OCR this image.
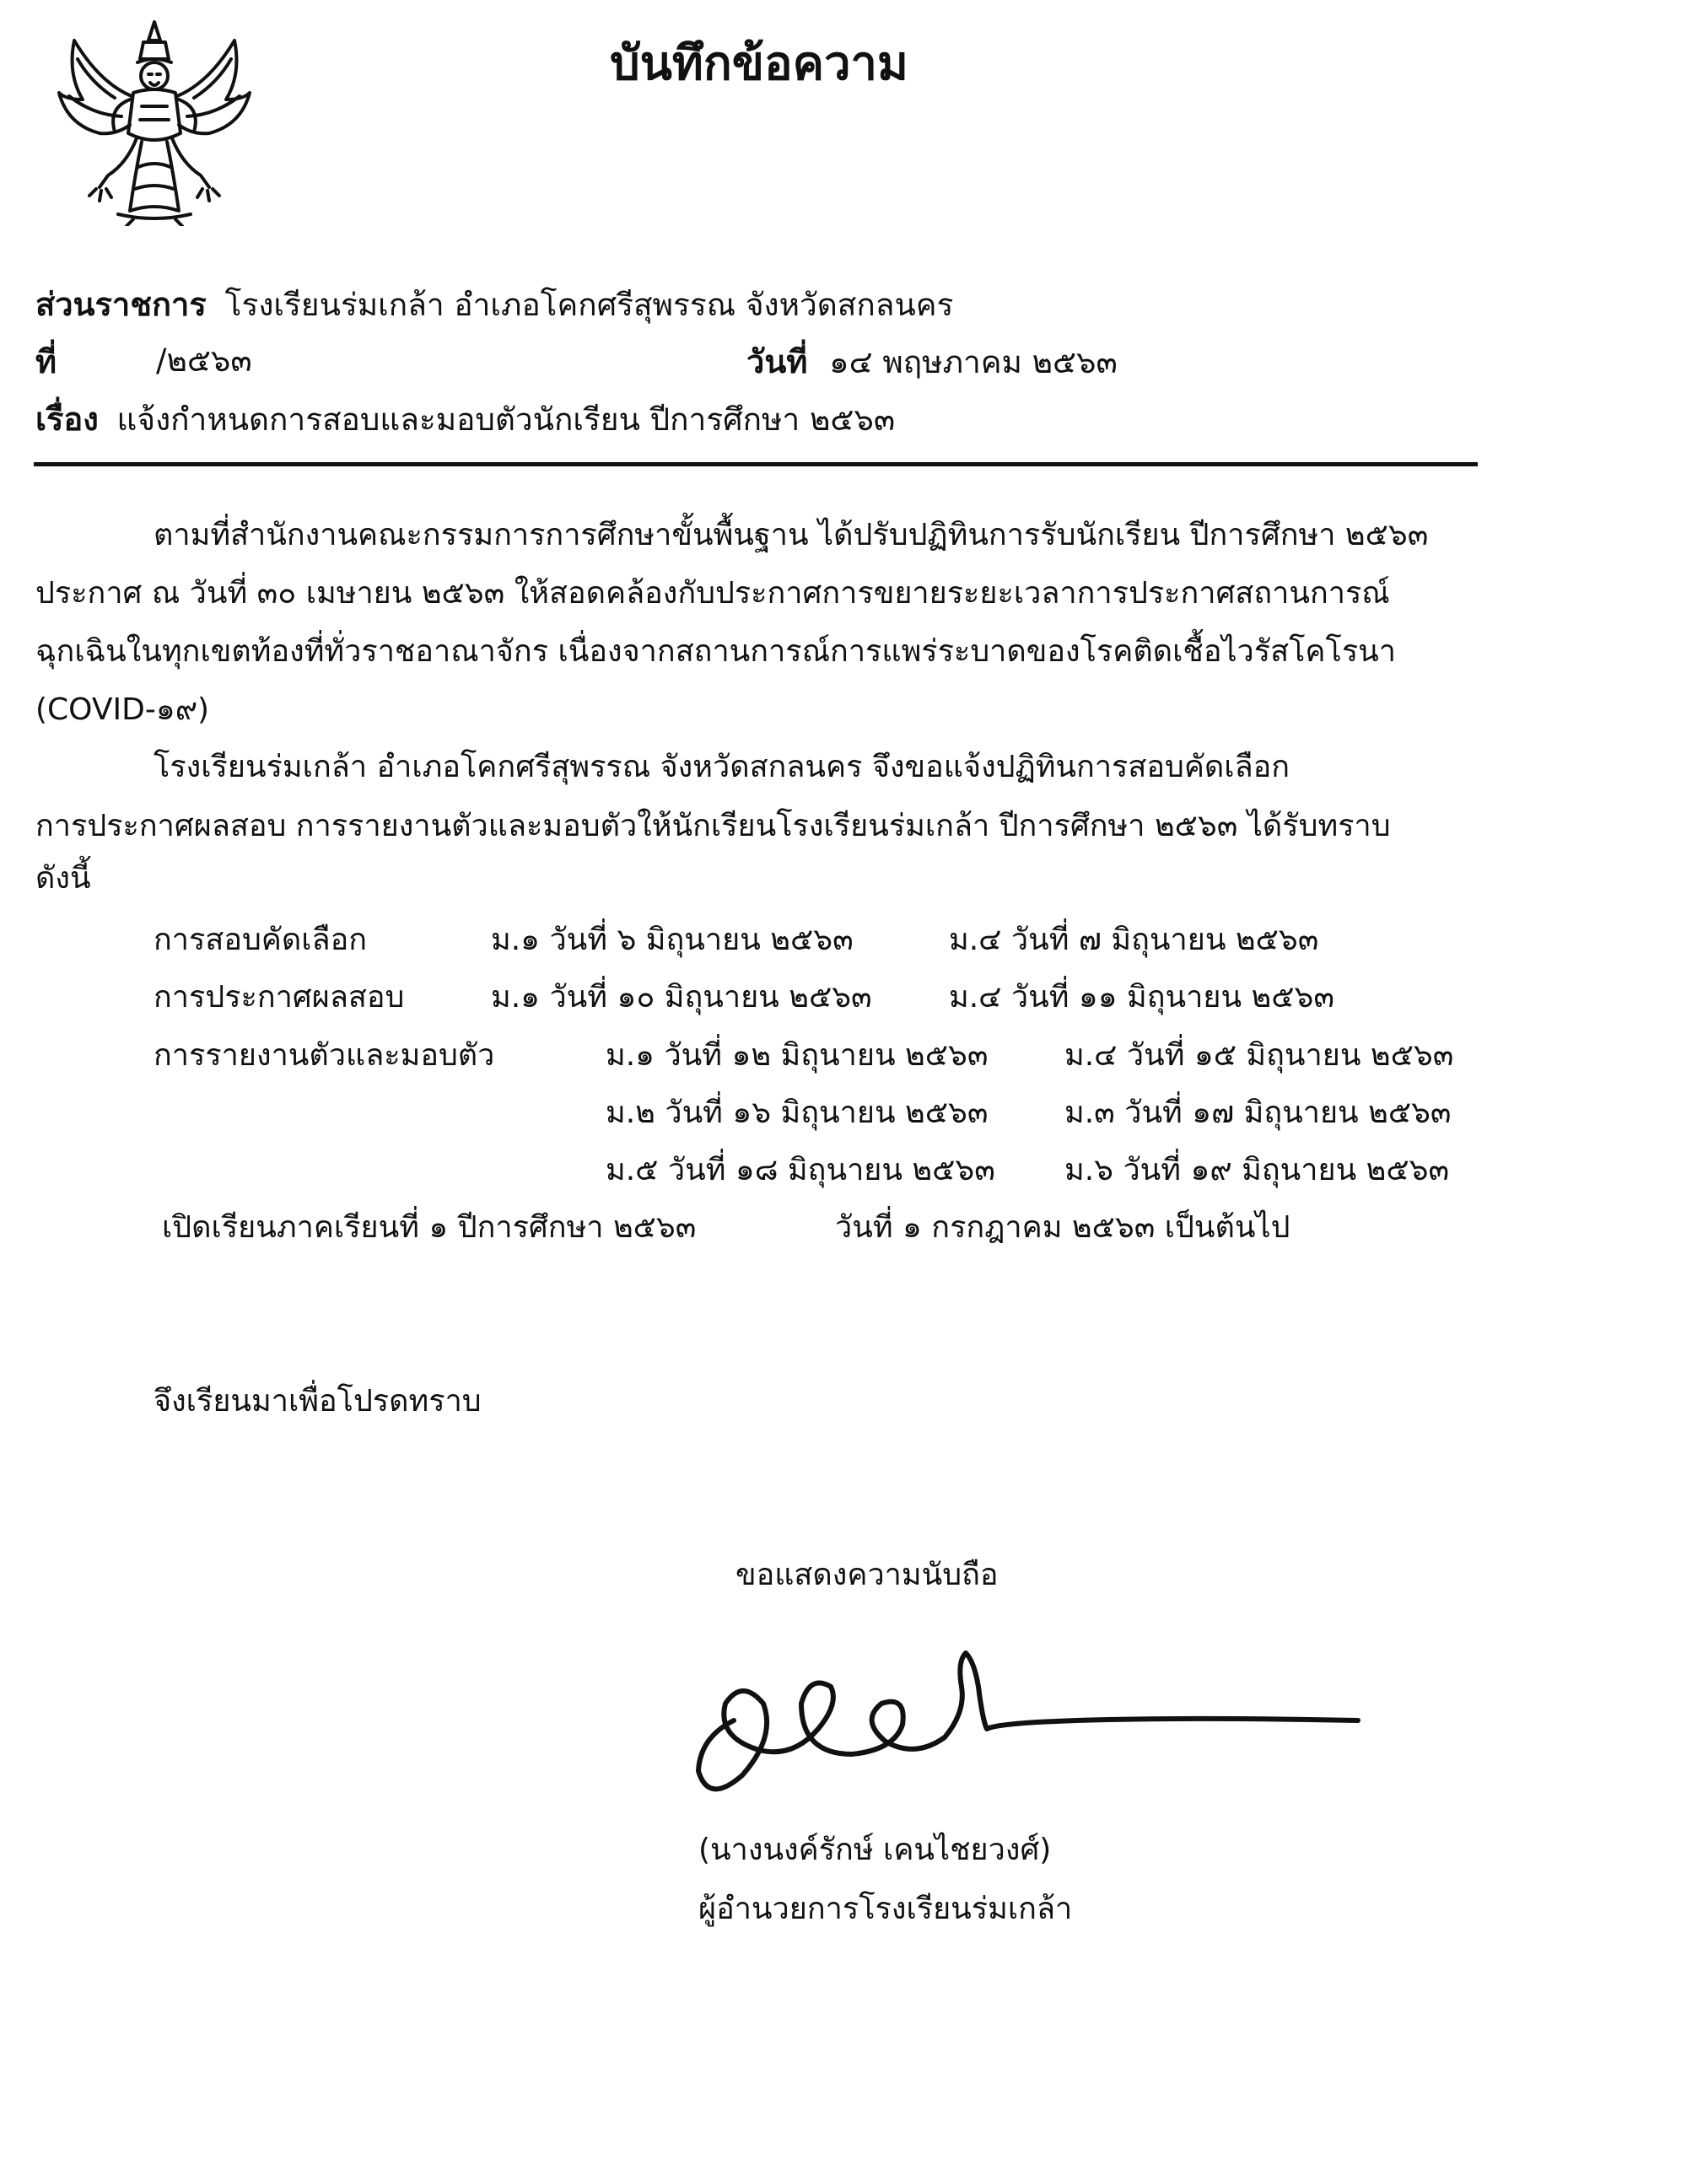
บันทึกข้อความ
ส่วนราชการ โรงเรียนร่มเกล้า อำเภอโคกศรีสุพรรณ จังหวัดสกลนคร
ที่	/๒๕๖๓	วันที่ ๑๔ พฤษภาคม ๒๕๖๓
เรื่อง แจ้งกำหนดการสอบและมอบตัวนักเรียน ปีการศึกษา ๒๕๖๓
ตามที่สำนักงานคณะกรรมการการศึกษาขั้นพื้นฐาน ได้ปรับปฏิทินการรับนักเรียน ปีการศึกษา ๒๕๖๓
ประกาศ ณ วันที่ ๓๐ เมษายน ๒๕๖๓ ให้สอดคล้องกับประกาศการขยายระยะเวลาการประกาศสถานการณ์
ฉุกเฉินในทุกเขตท้องที่ทั่วราชอาณาจักร เนื่องจากสถานการณ์การแพร่ระบาดของโรคติดเชื้อไวรัสโคโรนา
(COVID-๑๙)
โรงเรียนร่มเกล้า อำเภอโคกศรีสุพรรณ จังหวัดสกลนคร จึงขอแจ้งปฏิทินการสอบคัดเลือก
การประกาศผลสอบ การรายงานตัวและมอบตัวให้นักเรียนโรงเรียนร่มเกล้า ปีการศึกษา ๒๕๖๓ ได้รับทราบ
ดังนี้
การสอบคัดเลือก	ม.๑ วันที่ ๖ มิถุนายน ๒๕๖๓	ม.๔ วันที่ ๗ มิถุนายน ๒๕๖๓
การประกาศผลสอบ	ม.๑ วันที่ ๑๐ มิถุนายน ๒๕๖๓	ม.๔ วันที่ ๑๑ มิถุนายน ๒๕๖๓
การรายงานตัวและมอบตัว	ม.๑ วันที่ ๑๒ มิถุนายน ๒๕๖๓	ม.๔ วันที่ ๑๕ มิถุนายน ๒๕๖๓
ม.๒ วันที่ ๑๖ มิถุนายน ๒๕๖๓	ม.๓ วันที่ ๑๗ มิถุนายน ๒๕๖๓
ม.๕ วันที่ ๑๘ มิถุนายน ๒๕๖๓ ม.๖ วันที่ ๑๙ มิถุนายน ๒๕๖๓
เปิดเรียนภาคเรียนที่ ๑ ปีการศึกษา ๒๕๖๓	วันที่ ๑ กรกฎาคม ๒๕๖๓ เป็นต้นไป
จึงเรียนมาเพื่อโปรดทราบ
ขอแสดงความนับถือ
(นางนงค์รักษ์ เคนไชยวงศ์)
ผู้อำนวยการโรงเรียนร่มเกล้า
